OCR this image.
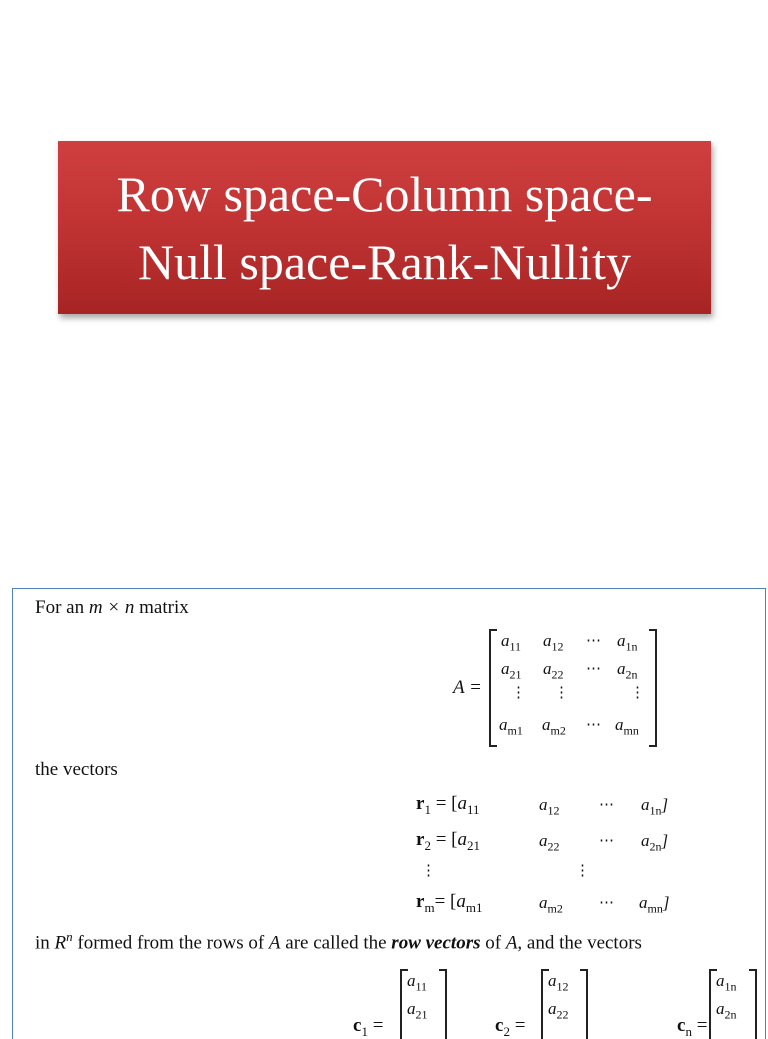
Row space-Column space-
Null space-Rank-Nullity
For an m × n matrix
A =
$a_{11}$ $a_{12}$ ⋯ $a_{1n}$
$a_{21}$ $a_{22}$ ⋯ $a_{2n}$
⋮ ⋮	⋮
$a_{m1}$ $a_{m2}$ ⋯ $a_{mn}$
the vectors
$r_1 = [a_{11}$	$a_{12}$	⋯ $a_{1n}$]
$r_2 = [a_{21}$	$a_{22}$	⋯ $a_{2n}$]
⋮	⋮
$r_m= [a_{m1}$	$a_{m2}$ ⋯ $a_{mn}$]
in $R^n$ formed from the rows of A are called the row vectors of A, and the vectors
$c_1$ =
$a_{11}$
$a_{21}$
$c_2$ =
$a_{12}$
$a_{22}$
$c_n$ =
$a_{1n}$
$a_{2n}$
